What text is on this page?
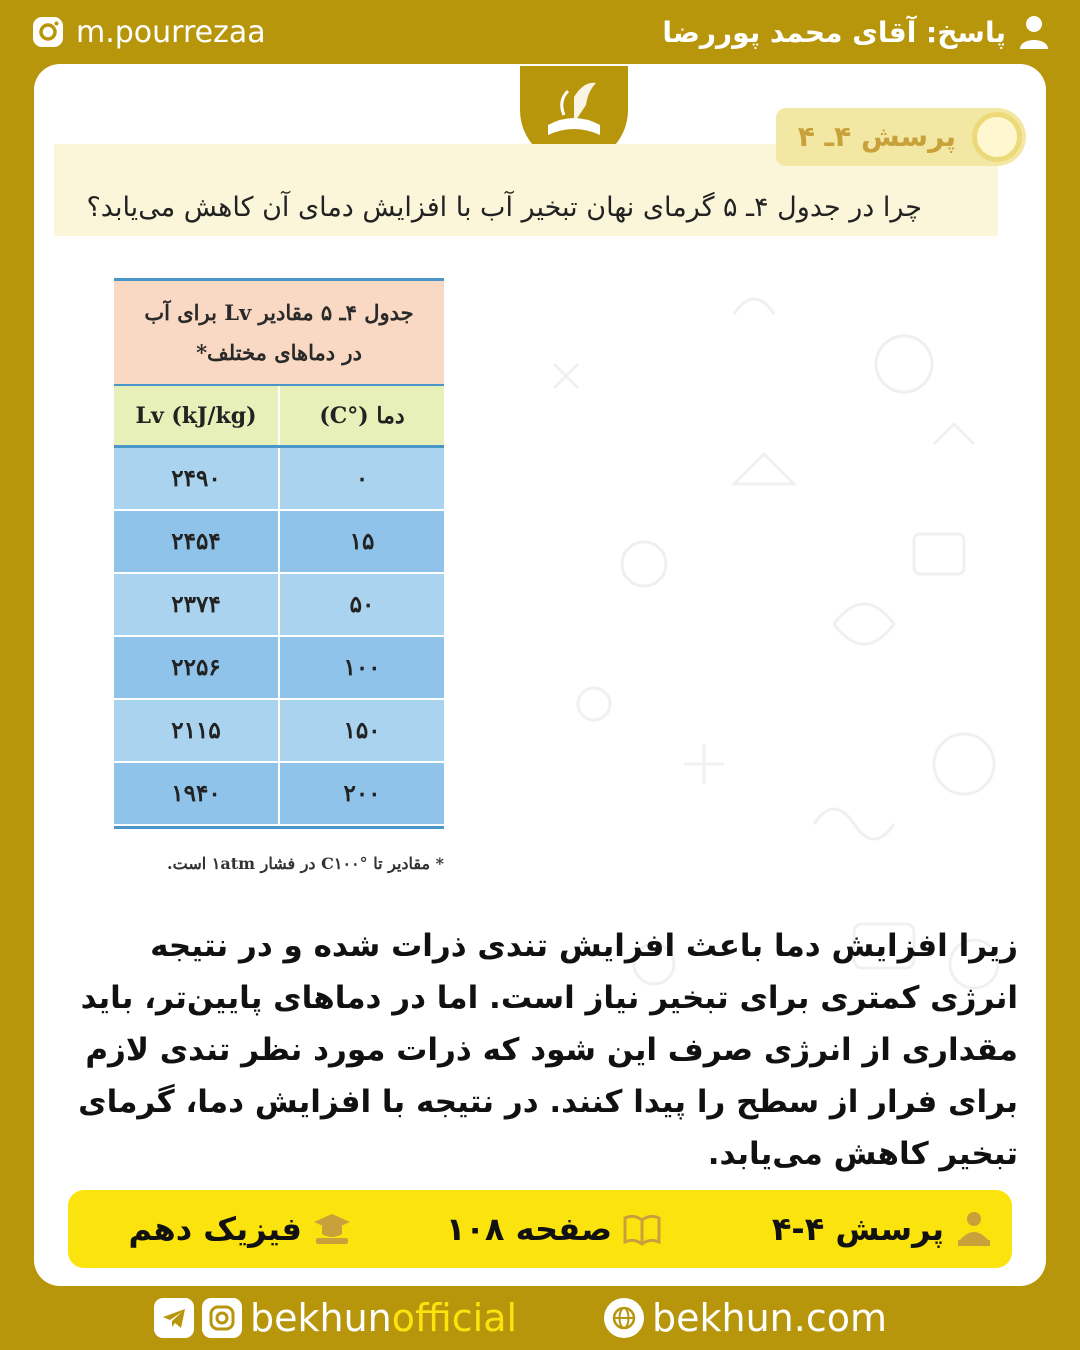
m.pourrezaa	پاسخ: آقای محمد پوررضا
پرسش ۴ـ ۴
چرا در جدول ۴ـ ۵ گرمای نهان تبخیر آب با افزایش دمای آن کاهش می‌یابد؟
جدول ۴ـ ۵ مقادیر Lv برای آب
در دماهای مختلف*
Lv (kJ/kg)	دما (°C)
۲۴۹۰	۰
۲۴۵۴	۱۵
۲۳۷۴	۵۰
۲۲۵۶	۱۰۰
۲۱۱۵	۱۵۰
۱۹۴۰	۲۰۰
* مقادیر تا °C۱۰۰ در فشار ۱atm است.
زیرا افزایش دما باعث افزایش تندی ذرات شده و در نتیجه انرژی کمتری برای تبخیر نیاز است. اما در دماهای پایین‌تر، باید مقداری از انرژی صرف این شود که ذرات مورد نظر تندی لازم برای فرار از سطح را پیدا کنند. در نتیجه با افزایش دما، گرمای تبخیر کاهش می‌یابد.
پرسش ۴-۴
صفحه ۱۰۸
فیزیک دهم
bekhun official	bekhun.com
